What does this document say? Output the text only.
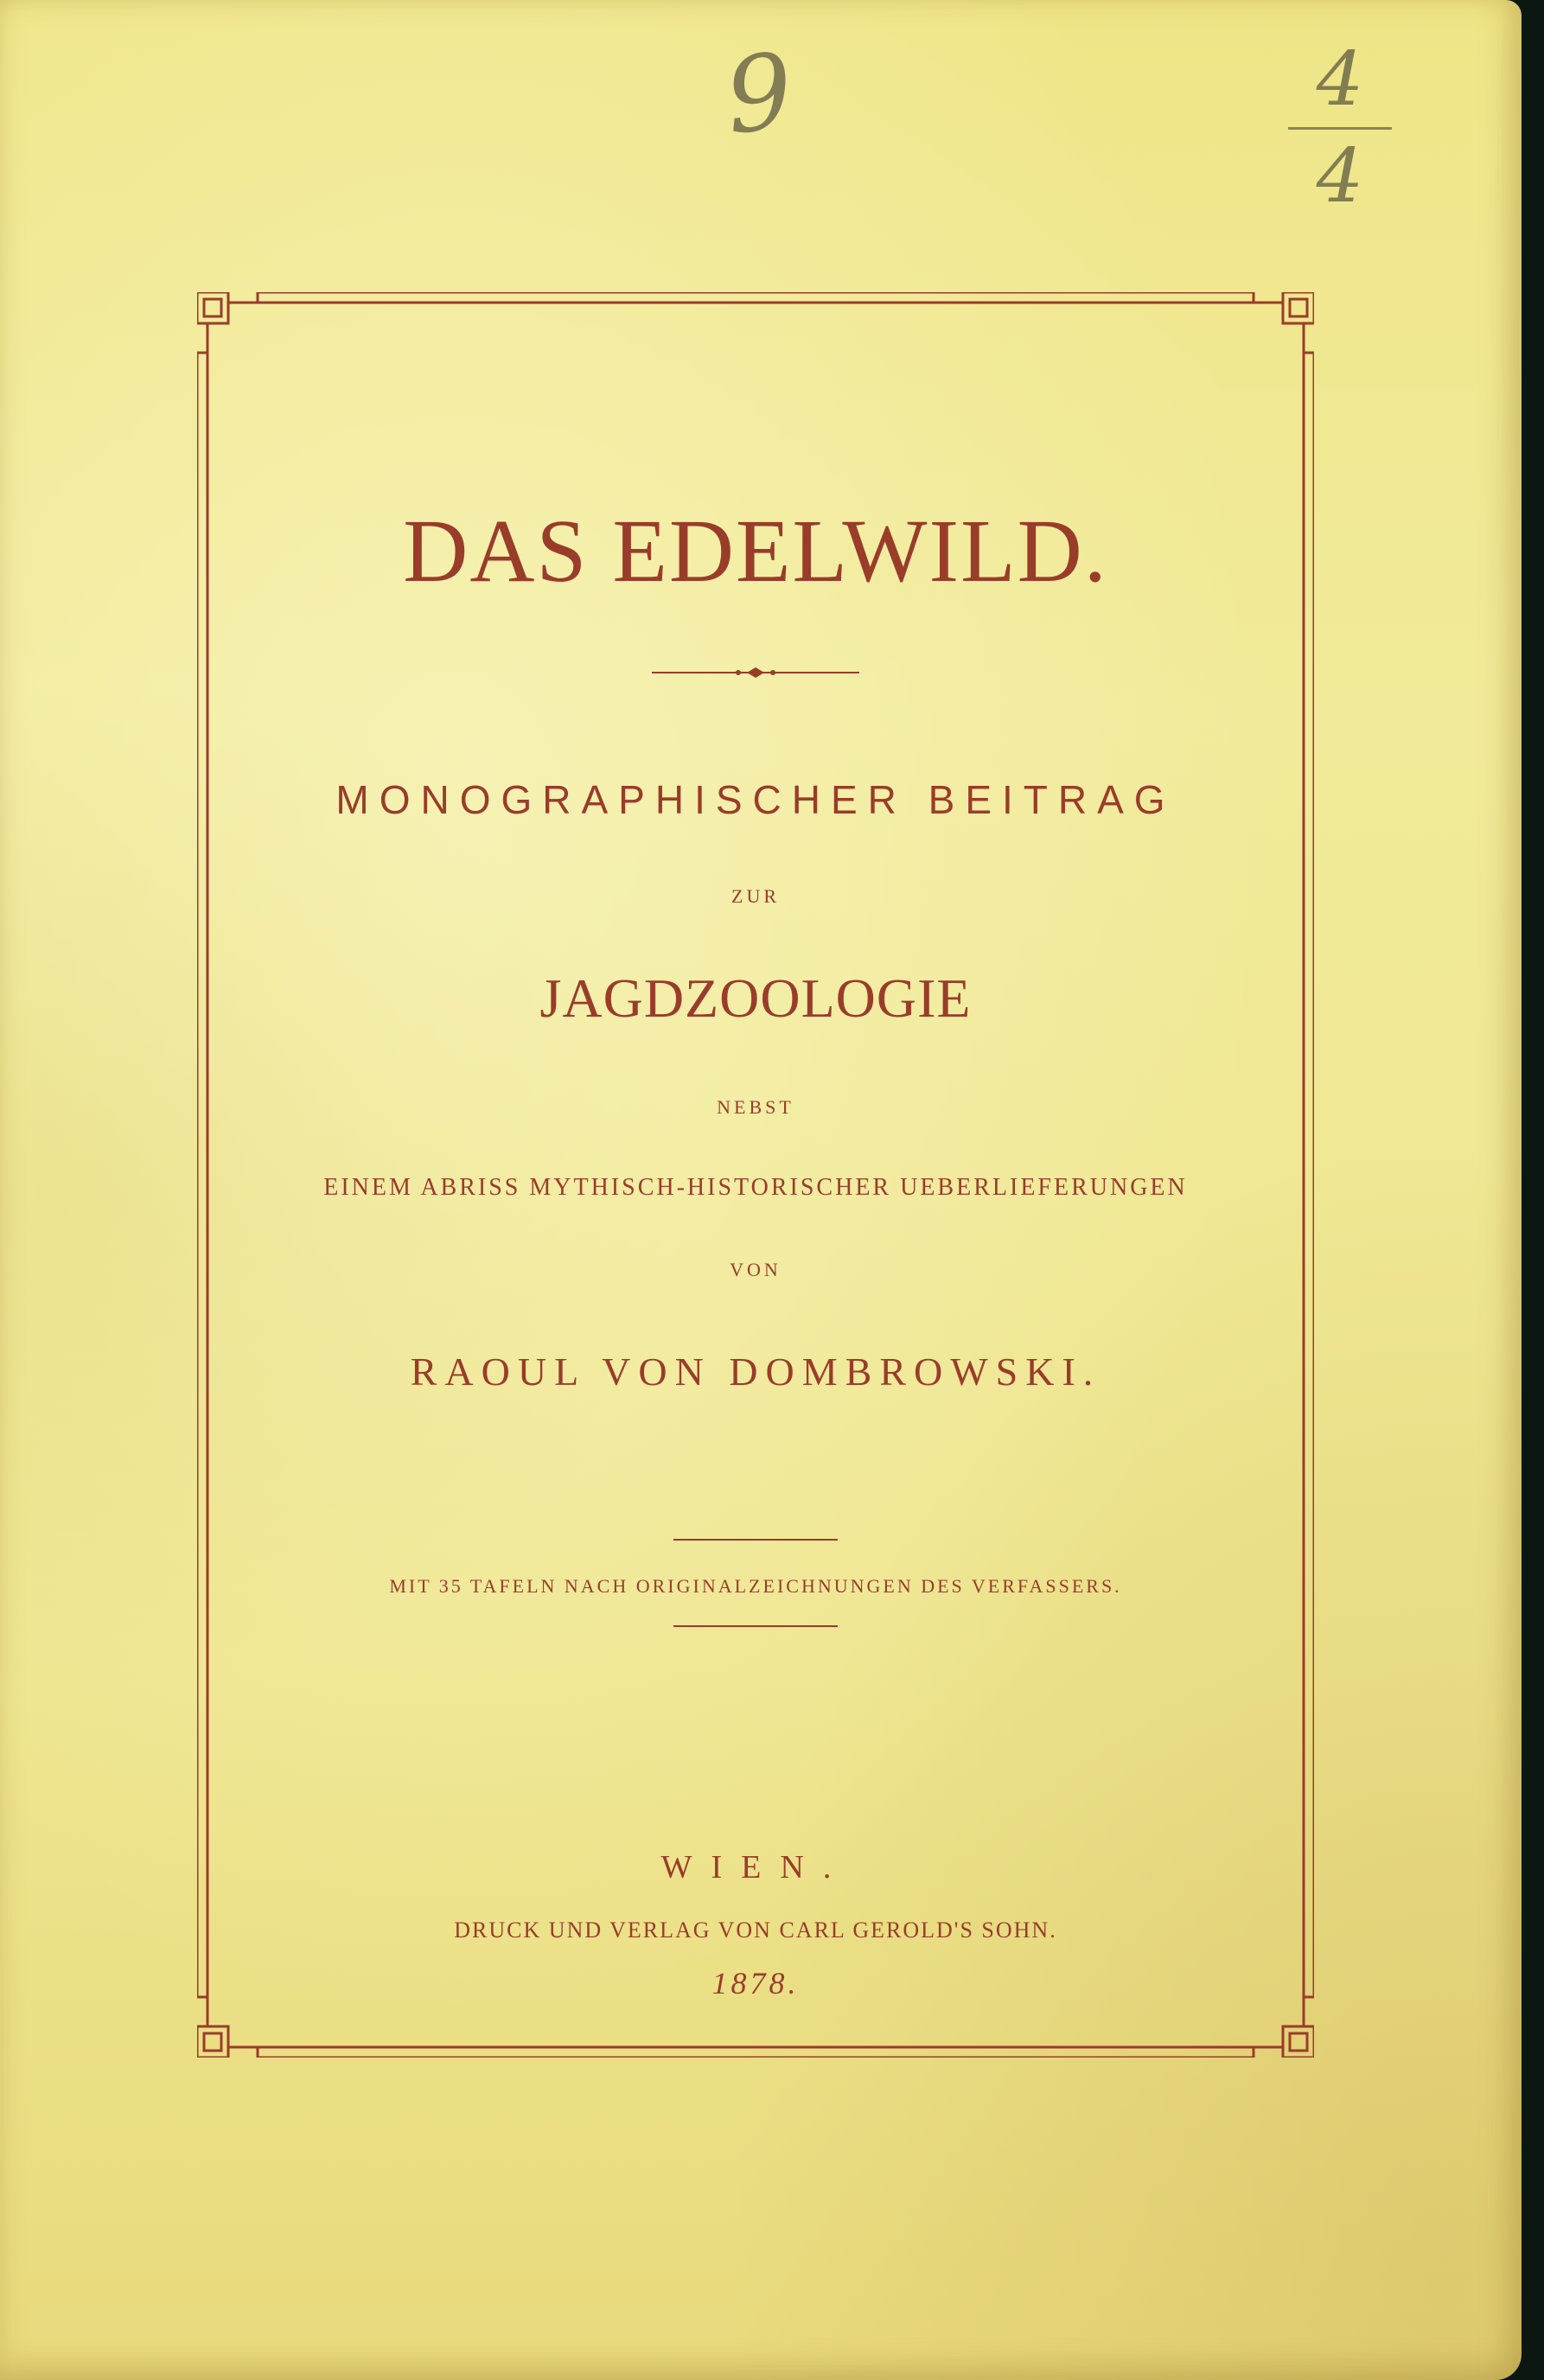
9	4
4
DAS EDELWILD.
MONOGRAPHISCHER BEITRAG
ZUR
JAGDZOOLOGIE
NEBST
EINEM ABRISS MYTHISCH-HISTORISCHER UEBERLIEFERUNGEN
VON
RAOUL VON DOMBROWSKI.
MIT 35 TAFELN NACH ORIGINALZEICHNUNGEN DES VERFASSERS.
WIEN.
DRUCK UND VERLAG VON CARL GEROLD'S SOHN.
1878.
